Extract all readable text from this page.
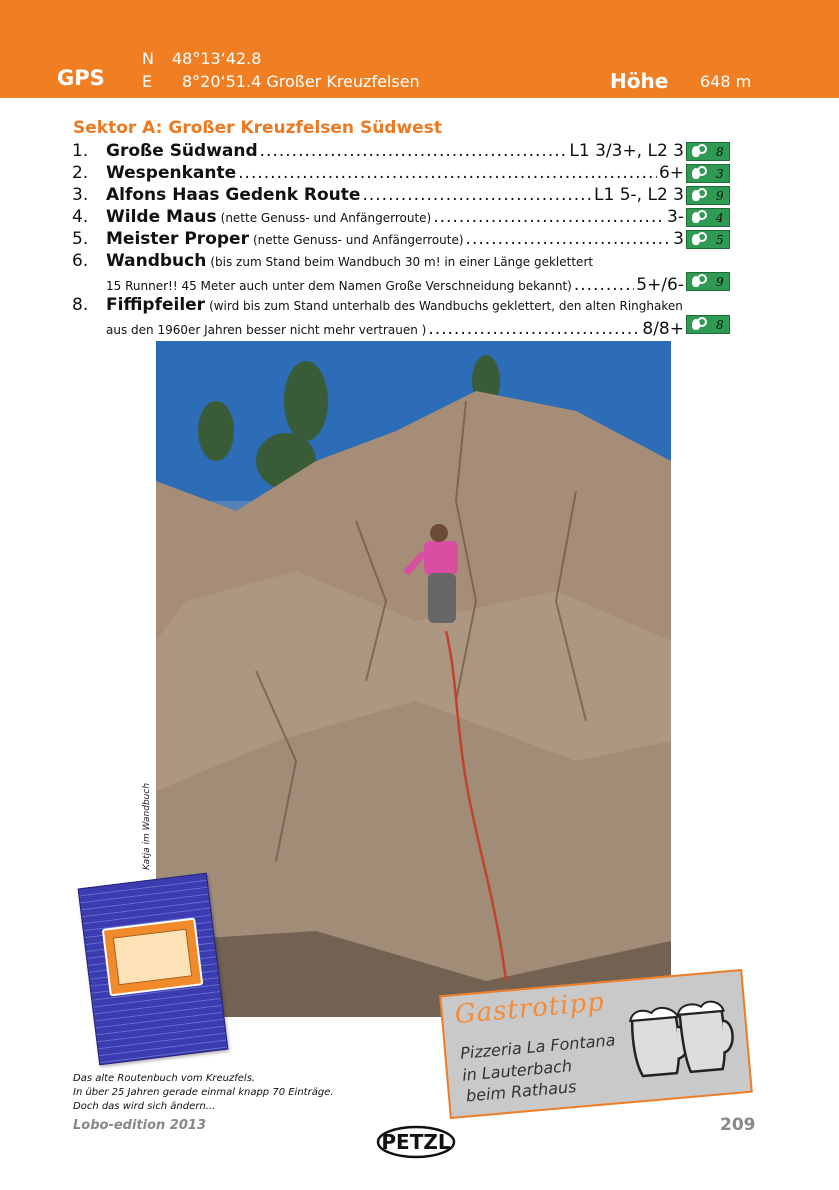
GPS
N 48°13‘42.8
E 8°20‘51.4 Großer Kreuzfelsen	Höhe 648 m
Sektor A: Großer Kreuzfelsen Südwest
1. Große Südwand .....	L1 3/3+, L2 3	8
2. Wespenkante .....	6+	3
3. Alfons Haas Gedenk Route .....	L1 5-, L2 3	9
4. Wilde Maus (nette Genuss- und Anfängerroute) .....	3-	4
5. Meister Proper (nette Genuss- und Anfängerroute) .....	3	5
6. Wandbuch (bis zum Stand beim Wandbuch 30 m! in einer Länge geklettert
15 Runner!! 45 Meter auch unter dem Namen Große Verschneidung bekannt) .....	5+/6-	9
8. Fiffipfeiler (wird bis zum Stand unterhalb des Wandbuchs geklettert, den alten Ringhaken
aus den 1960er Jahren besser nicht mehr vertrauen ) .....	8/8+	8
Katja im Wandbuch
Das alte Routenbuch vom Kreuzfels.
In über 25 Jahren gerade einmal knapp 70 Einträge.
Doch das wird sich ändern...
Gastrotipp
Pizzeria La Fontana
in Lauterbach
beim Rathaus
Lobo-edition 2013	209
PETZL
